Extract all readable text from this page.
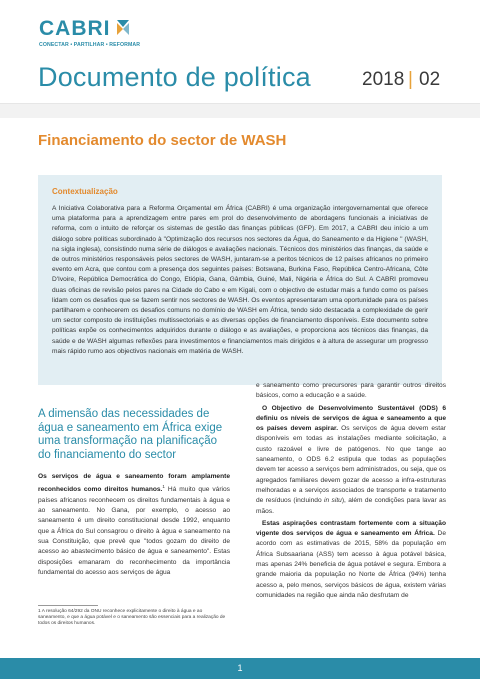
CABRI
CONECTAR • PARTILHAR • REFORMAR
Documento de política	2018 | 02
Financiamento do sector de WASH
Contextualização
A Iniciativa Colaborativa para a Reforma Orçamental em África (CABRI) é uma organização intergovernamental que oferece uma plataforma para a aprendizagem entre pares em prol do desenvolvimento de abordagens funcionais a iniciativas de reforma, com o intuito de reforçar os sistemas de gestão das finanças públicas (GFP). Em 2017, a CABRI deu início a um diálogo sobre políticas subordinado à "Optimização dos recursos nos sectores da Água, do Saneamento e da Higiene " (WASH, na sigla inglesa), consistindo numa série de diálogos e avaliações nacionais. Técnicos dos ministérios das finanças, da saúde e de outros ministérios responsáveis pelos sectores de WASH, juntaram-se a peritos técnicos de 12 países africanos no primeiro evento em Acra, que contou com a presença dos seguintes países: Botswana, Burkina Faso, República Centro-Africana, Côte D'Ivoire, República Democrática do Congo, Etiópia, Gana, Gâmbia, Guiné, Mali, Nigéria e África do Sul. A CABRI promoveu duas oficinas de revisão pelos pares na Cidade do Cabo e em Kigali, com o objectivo de estudar mais a fundo como os países lidam com os desafios que se fazem sentir nos sectores de WASH. Os eventos apresentaram uma oportunidade para os países partilharem e conhecerem os desafios comuns no domínio de WASH em África, tendo sido destacada a complexidade de gerir um sector composto de instituições multissectoriais e as diversas opções de financiamento disponíveis. Este documento sobre políticas expõe os conhecimentos adquiridos durante o diálogo e as avaliações, e proporciona aos técnicos das finanças, da saúde e de WASH algumas reflexões para investimentos e financiamentos mais dirigidos e à altura de assegurar um progresso mais rápido rumo aos objectivos nacionais em matéria de WASH.
A dimensão das necessidades de água e saneamento em África exige uma transformação na planificação do financiamento do sector
Os serviços de água e saneamento foram amplamente reconhecidos como direitos humanos.$^1$ Há muito que vários países africanos reconhecem os direitos fundamentais à água e ao saneamento. No Gana, por exemplo, o acesso ao saneamento é um direito constitucional desde 1992, enquanto que a África do Sul consagrou o direito à água e saneamento na sua Constituição, que prevê que "todos gozam do direito de acesso ao abastecimento básico de água e saneamento". Estas disposições emanaram do reconhecimento da importância fundamental do acesso aos serviços de água
e saneamento como precursores para garantir outros direitos básicos, como a educação e a saúde.
O Objectivo de Desenvolvimento Sustentável (ODS) 6 definiu os níveis de serviços de água e saneamento a que os países devem aspirar. Os serviços de água devem estar disponíveis em todas as instalações mediante solicitação, a custo razoável e livre de patógenos. No que tange ao saneamento, o ODS 6.2 estipula que todas as populações devem ter acesso a serviços bem administrados, ou seja, que os agregados familiares devem gozar de acesso a infra-estruturas melhoradas e a serviços associados de transporte e tratamento de resíduos (incluindo in situ), além de condições para lavar as mãos.
Estas aspirações contrastam fortemente com a situação vigente dos serviços de água e saneamento em África. De acordo com as estimativas de 2015, 58% da população em África Subsaariana (ASS) tem acesso à água potável básica, mas apenas 24% beneficia de água potável e segura. Embora a grande maioria da população no Norte de África (94%) tenha acesso a, pelo menos, serviços básicos de água, existem várias comunidades na região que ainda não desfrutam de
1 A resolução 64/292 da ONU reconhece explicitamente o direito à água e ao saneamento, e que a água potável e o saneamento são essenciais para a realização de todos os direitos humanos.
1
